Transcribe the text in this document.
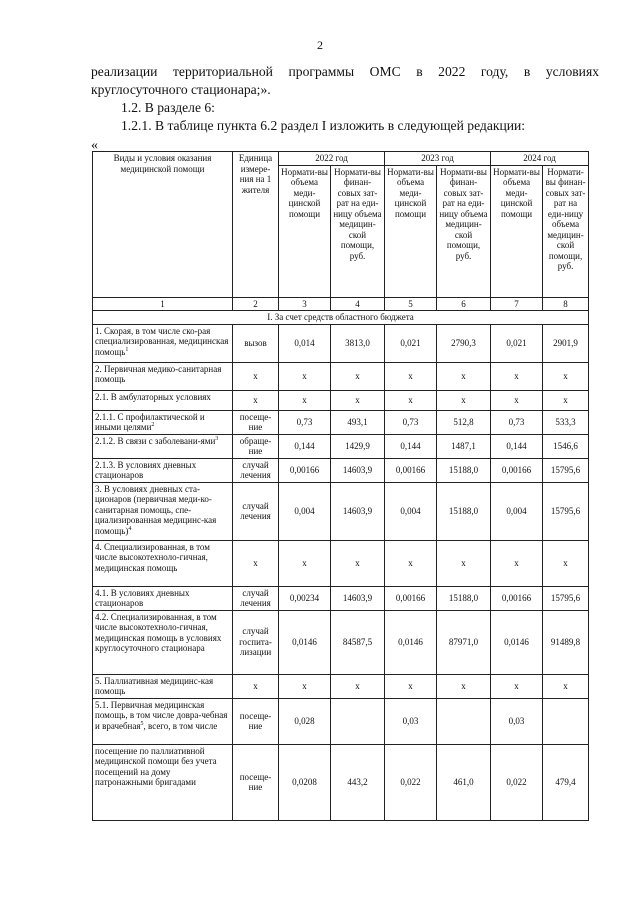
2

реализации территориальной программы ОМС в 2022 году, в условиях

круглосуточного стационара;».

1.2. В разделе 6:

1.2.1. В таблице пункта 6.2 раздел I изложить в следующей редакции:

«
Виды и условия оказания медицинской помощи	Единица измере-ния на 1 жителя	2022 год		2023 год		2024 год	
		Нормати-вы объема меди-цинской помощи	Нормати-вы финан-совых зат-рат на еди-ницу объема медицин-ской помощи, руб.	Нормати-вы объема меди-цинской помощи	Нормати-вы финан-совых зат-рат на еди-ницу объема медицин-ской помощи, руб.	Нормати-вы объема меди-цинской помощи	Нормати-вы финан-совых зат-рат на еди-ницу объема медицин-ской помощи, руб.
1	2	3	4	5	6	7	8
I. За счет средств областного бюджета							
1. Скорая, в том числе ско-рая специализированная, медицинская помощь$^1$	вызов	0,014	3813,0	0,021	2790,3	0,021	2901,9
2. Первичная медико-санитарная помощь	х	х	х	х	х	х	х
2.1. В амбулаторных условиях	х	х	х	х	х	х	х
2.1.1. С профилактической и иными целями$^2$	посеще-ние	0,73	493,1	0,73	512,8	0,73	533,3
2.1.2. В связи с заболевани-ями$^3$	обраще-ние	0,144	1429,9	0,144	1487,1	0,144	1546,6
2.1.3. В условиях дневных стационаров	случай лечения	0,00166	14603,9	0,00166	15188,0	0,00166	15795,6
3. В условиях дневных ста-ционаров (первичная меди-ко-санитарная помощь, спе-циализированная медицинс-кая помощь)$^4$	случай лечения	0,004	14603,9	0,004	15188,0	0,004	15795,6
4. Специализированная, в том числе высокотехноло-гичная, медицинская помощь	х	х	х	х	х	х	х
4.1. В условиях дневных стационаров	случай лечения	0,00234	14603,9	0,00166	15188,0	0,00166	15795,6
4.2. Специализированная, в том числе высокотехноло-гичная, медицинская помощь в условиях круглосуточного стационара	случай госпита-лизации	0,0146	84587,5	0,0146	87971,0	0,0146	91489,8
5. Паллиативная медицинс-кая помощь	х	х	х	х	х	х	х
5.1. Первичная медицинская помощь, в том числе довра-чебная и врачебная$^5$, всего, в том числе	посеще-ние	0,028		0,03		0,03	
посещение по паллиативной медицинской помощи без учета посещений на дому патронажными бригадами	посеще-ние	0,0208	443,2	0,022	461,0	0,022	479,4
